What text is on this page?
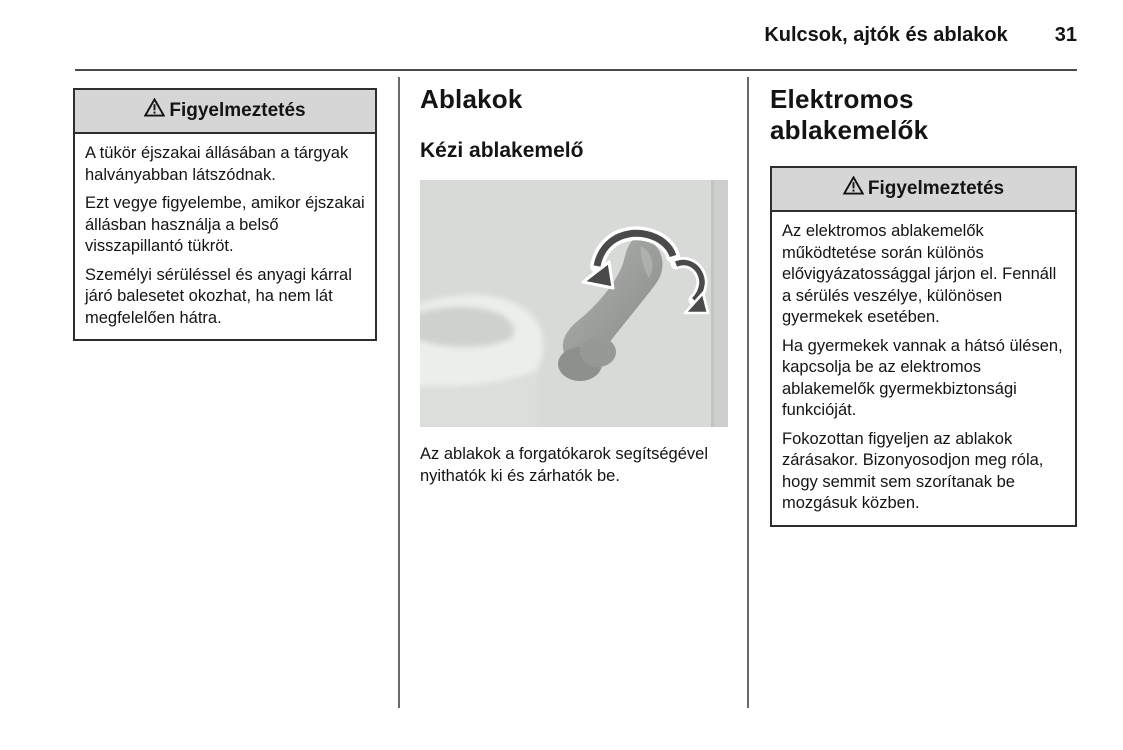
Kulcsok, ajtók és ablakok 31
Figyelmeztetés

A tükör éjszakai állásában a tárgyak halványabban látszódnak.

Ezt vegye figyelembe, amikor éjszakai állásban használja a belső visszapillantó tükröt.

Személyi sérüléssel és anyagi kárral járó balesetet okozhat, ha nem lát megfelelően hátra.

Ablakok
Kézi ablakemelő

Az ablakok a forgatókarok segítségével nyithatók ki és zárhatók be.

Elektromos ablakemelők
Figyelmeztetés

Az elektromos ablakemelők működtetése során különös elővigyázatossággal járjon el. Fennáll a sérülés veszélye, különösen gyermekek esetében.

Ha gyermekek vannak a hátsó ülésen, kapcsolja be az elektromos ablakemelők gyermekbiztonsági funkcióját.

Fokozottan figyeljen az ablakok zárásakor. Bizonyosodjon meg róla, hogy semmit sem szorítanak be mozgásuk közben.
